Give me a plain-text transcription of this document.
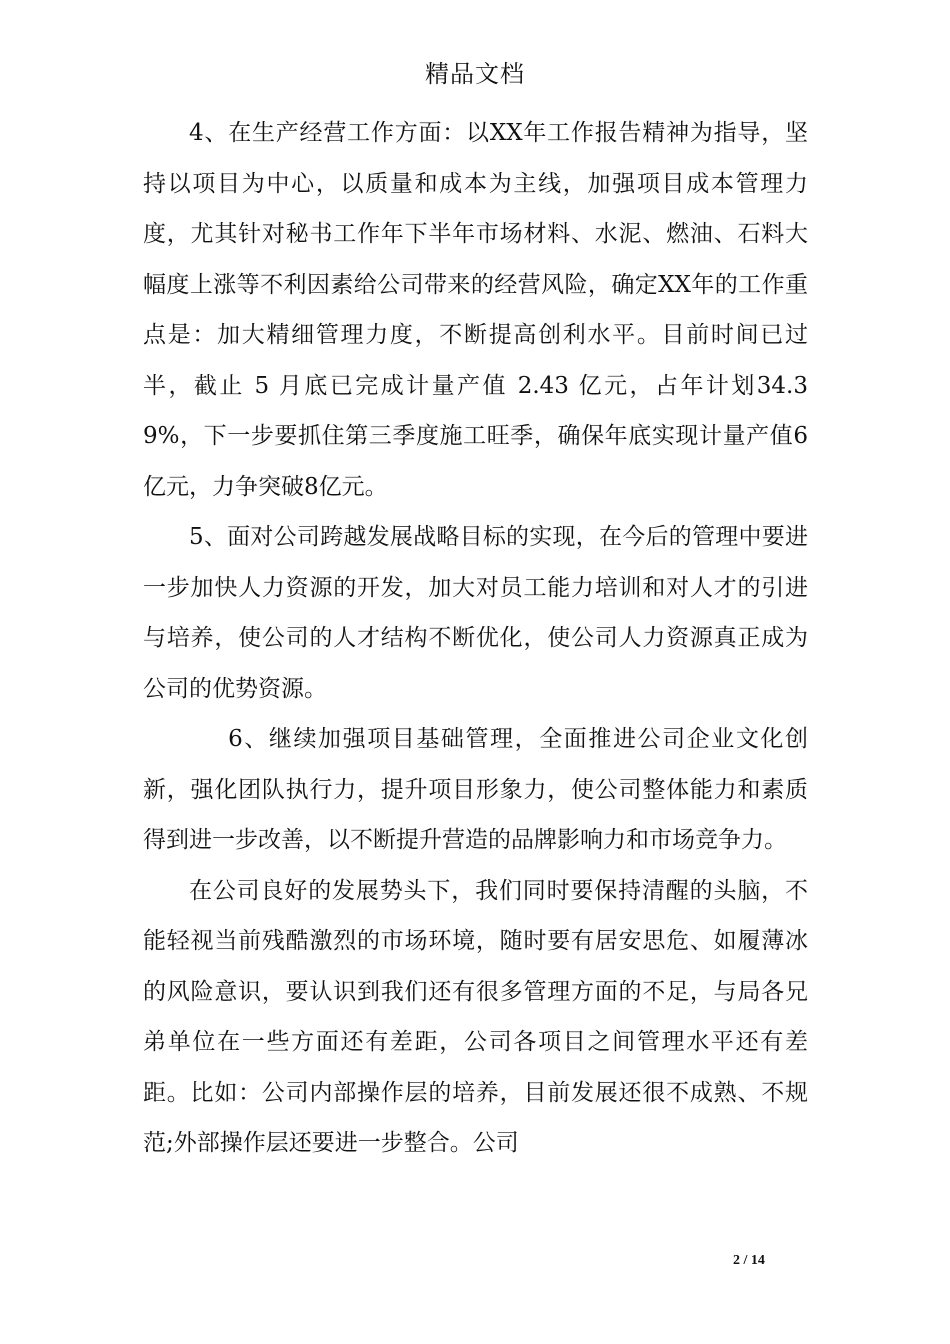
精品文档

4、在生产经营工作方面：以XX年工作报告精神为指导，坚持以项目为中心，以质量和成本为主线，加强项目成本管理力度，尤其针对秘书工作年下半年市场材料、水泥、燃油、石料大幅度上涨等不利因素给公司带来的经营风险，确定XX年的工作重点是：加大精细管理力度，不断提高创利水平。目前时间已过半，截止 5 月底已完成计量产值 2.43 亿元，占年计划34.39%，下一步要抓住第三季度施工旺季，确保年底实现计量产值6亿元，力争突破8亿元。

5、面对公司跨越发展战略目标的实现，在今后的管理中要进一步加快人力资源的开发，加大对员工能力培训和对人才的引进与培养，使公司的人才结构不断优化，使公司人力资源真正成为公司的优势资源。

6、继续加强项目基础管理，全面推进公司企业文化创新，强化团队执行力，提升项目形象力，使公司整体能力和素质得到进一步改善，以不断提升营造的品牌影响力和市场竞争力。

在公司良好的发展势头下，我们同时要保持清醒的头脑，不能轻视当前残酷激烈的市场环境，随时要有居安思危、如履薄冰的风险意识，要认识到我们还有很多管理方面的不足，与局各兄弟单位在一些方面还有差距，公司各项目之间管理水平还有差距。比如：公司内部操作层的培养，目前发展还很不成熟、不规范;外部操作层还要进一步整合。公司

2 / 14
